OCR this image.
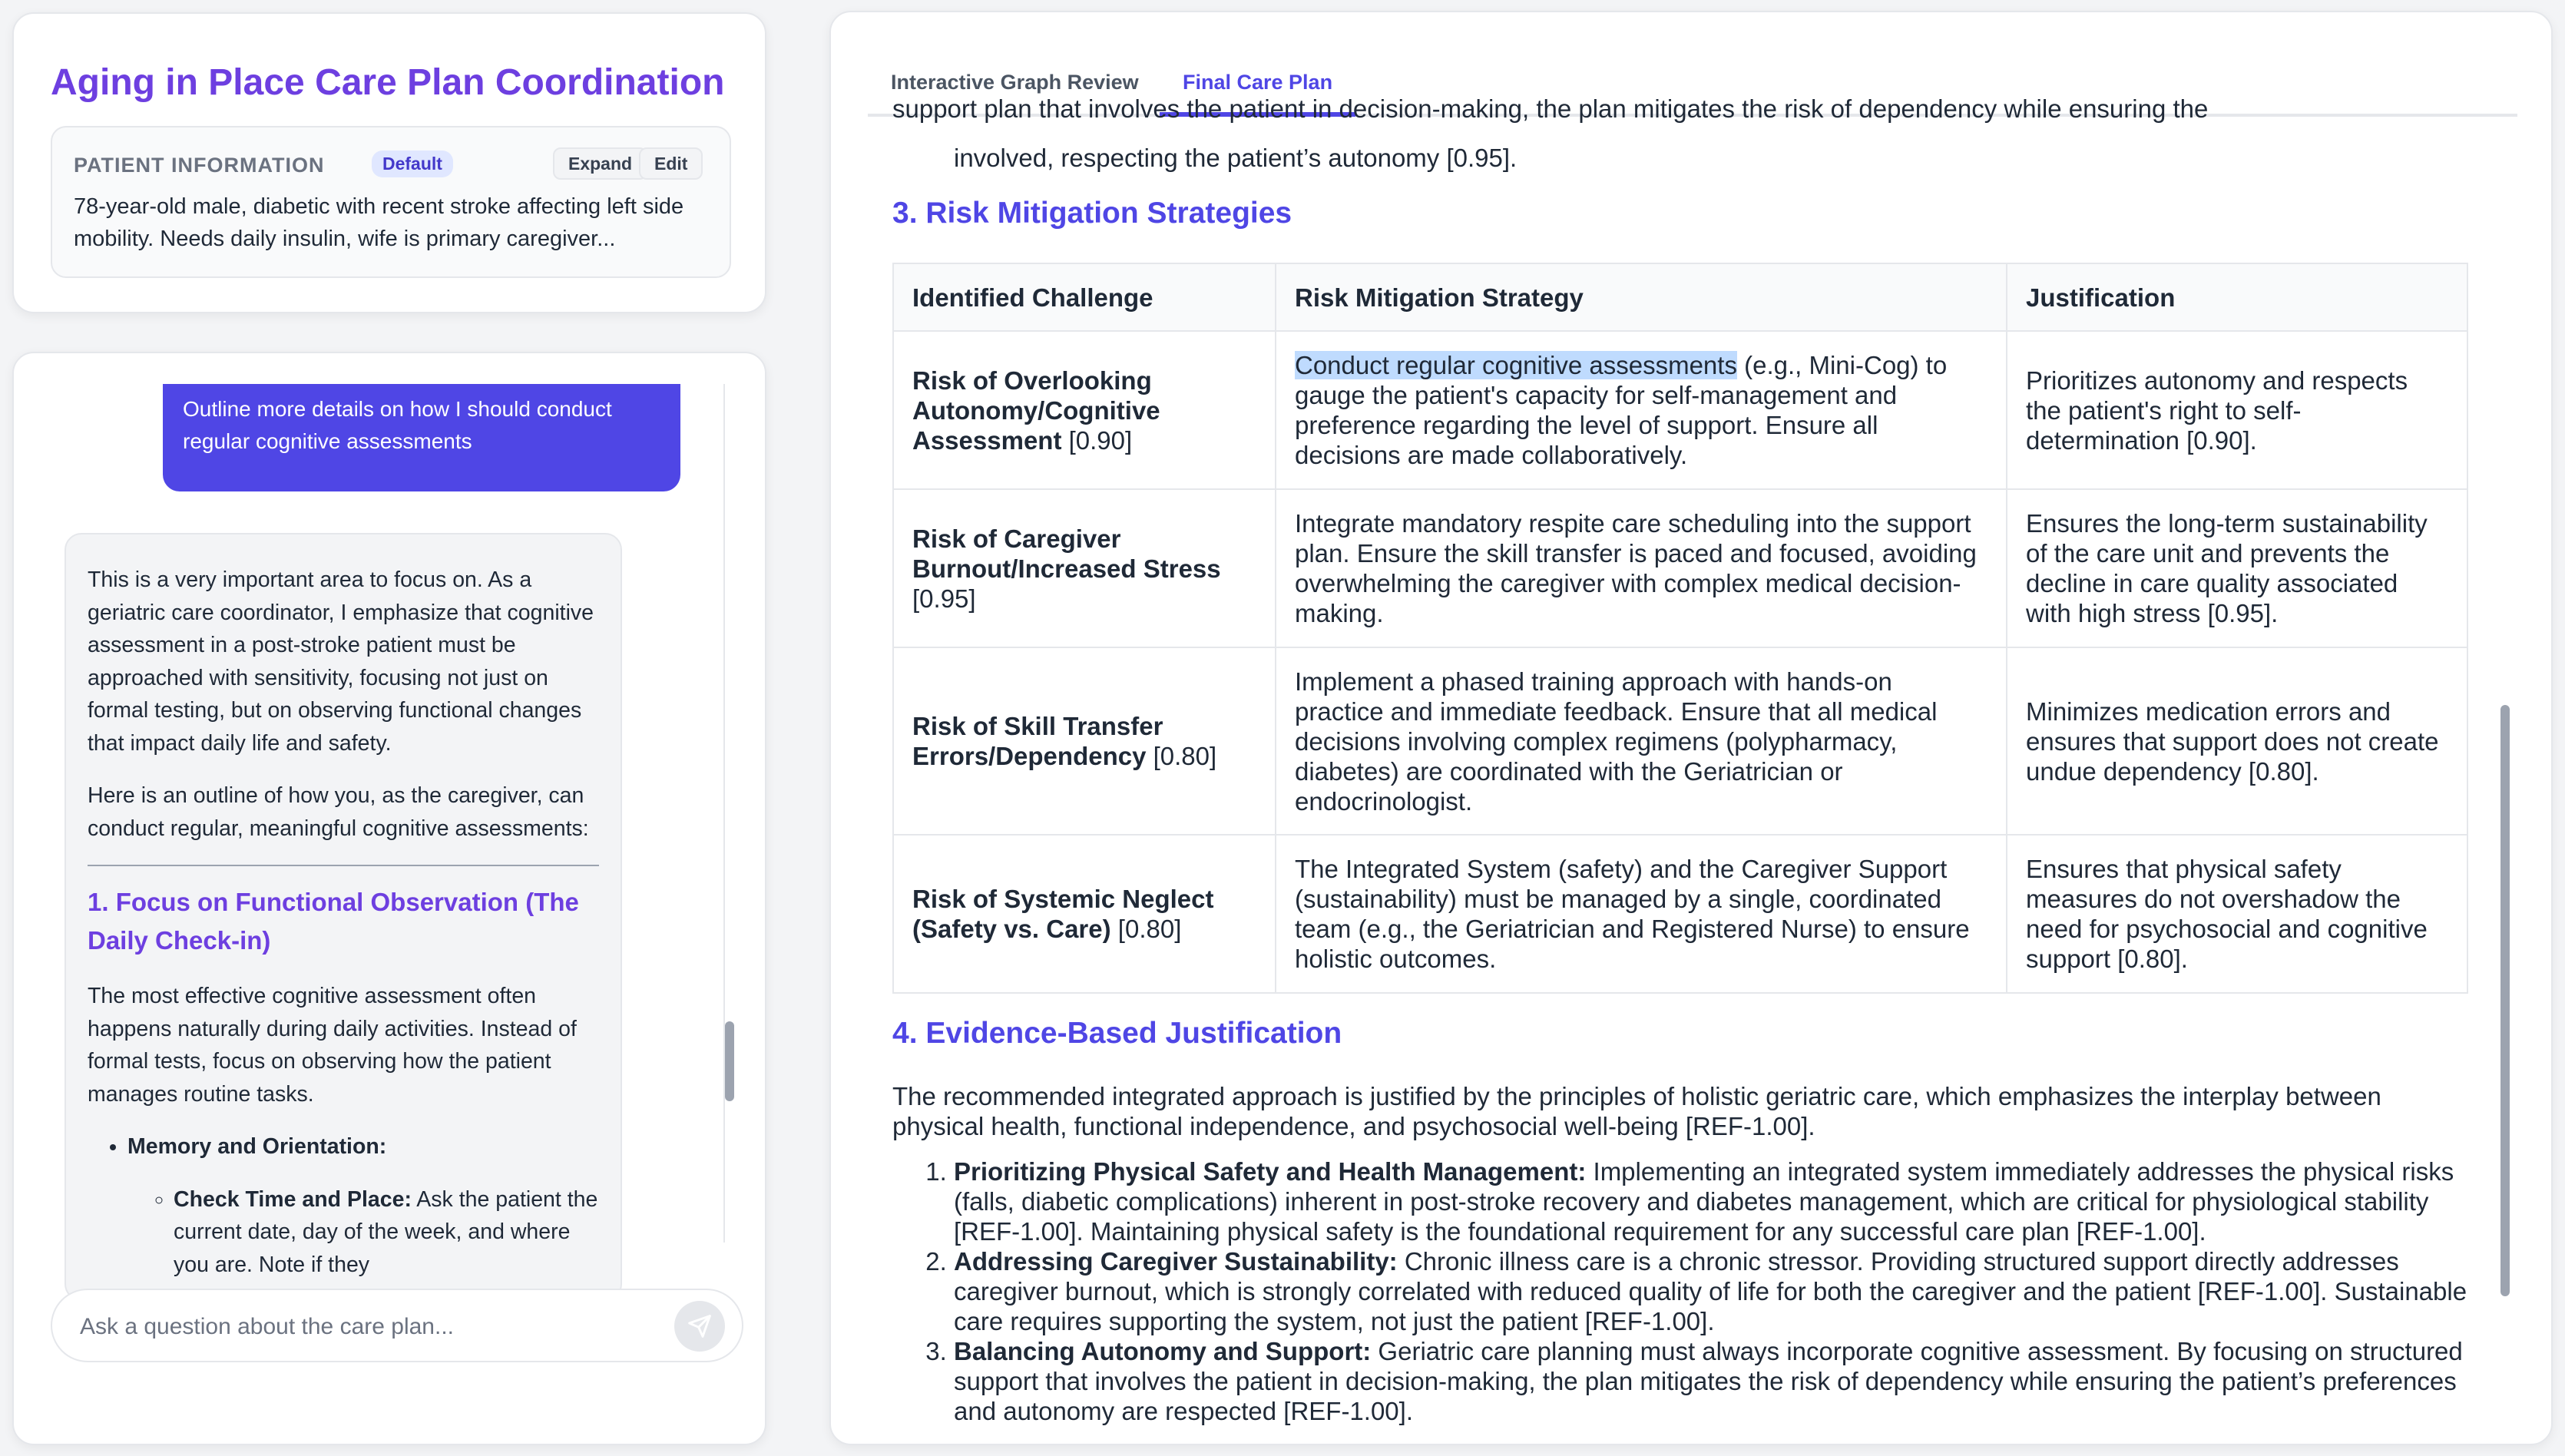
Aging in Place Care Plan Coordination
PATIENT INFORMATION	Default	Expand	Edit
78-year-old male, diabetic with recent stroke affecting left side mobility. Needs daily insulin, wife is primary caregiver...
Outline more details on how I should conduct regular cognitive assessments

This is a very important area to focus on. As a geriatric care coordinator, I emphasize that cognitive assessment in a post-stroke patient must be approached with sensitivity, focusing not just on formal testing, but on observing functional changes that impact daily life and safety.

Here is an outline of how you, as the caregiver, can conduct regular, meaningful cognitive assessments:

1. Focus on Functional Observation (The Daily Check-in)

The most effective cognitive assessment often happens naturally during daily activities. Instead of formal tests, focus on observing how the patient manages routine tasks.

• Memory and Orientation:
◦ Check Time and Place: Ask the patient the current date, day of the week, and where you are. Note if they
Ask a question about the care plan...
Interactive Graph Review	Final Care Plan
support plan that involves the patient in decision-making, the plan mitigates the risk of dependency while ensuring the
involved, respecting the patient’s autonomy [0.95].
3. Risk Mitigation Strategies
Identified Challenge	Risk Mitigation Strategy	Justification
Risk of Overlooking Autonomy/Cognitive Assessment [0.90]	Conduct regular cognitive assessments (e.g., Mini-Cog) to gauge the patient's capacity for self-management and preference regarding the level of support. Ensure all decisions are made collaboratively.	Prioritizes autonomy and respects the patient's right to self-determination [0.90].
Risk of Caregiver Burnout/Increased Stress [0.95]	Integrate mandatory respite care scheduling into the support plan. Ensure the skill transfer is paced and focused, avoiding overwhelming the caregiver with complex medical decision-making.	Ensures the long-term sustainability of the care unit and prevents the decline in care quality associated with high stress [0.95].
Risk of Skill Transfer Errors/Dependency [0.80]	Implement a phased training approach with hands-on practice and immediate feedback. Ensure that all medical decisions involving complex regimens (polypharmacy, diabetes) are coordinated with the Geriatrician or endocrinologist.	Minimizes medication errors and ensures that support does not create undue dependency [0.80].
Risk of Systemic Neglect (Safety vs. Care) [0.80]	The Integrated System (safety) and the Caregiver Support (sustainability) must be managed by a single, coordinated team (e.g., the Geriatrician and Registered Nurse) to ensure holistic outcomes.	Ensures that physical safety measures do not overshadow the need for psychosocial and cognitive support [0.80].
4. Evidence-Based Justification
The recommended integrated approach is justified by the principles of holistic geriatric care, which emphasizes the interplay between physical health, functional independence, and psychosocial well-being [REF-1.00].
1. Prioritizing Physical Safety and Health Management: Implementing an integrated system immediately addresses the physical risks (falls, diabetic complications) inherent in post-stroke recovery and diabetes management, which are critical for physiological stability [REF-1.00]. Maintaining physical safety is the foundational requirement for any successful care plan [REF-1.00].
2. Addressing Caregiver Sustainability: Chronic illness care is a chronic stressor. Providing structured support directly addresses caregiver burnout, which is strongly correlated with reduced quality of life for both the caregiver and the patient [REF-1.00]. Sustainable care requires supporting the system, not just the patient [REF-1.00].
3. Balancing Autonomy and Support: Geriatric care planning must always incorporate cognitive assessment. By focusing on structured support that involves the patient in decision-making, the plan mitigates the risk of dependency while ensuring the patient’s preferences and autonomy are respected [REF-1.00].
